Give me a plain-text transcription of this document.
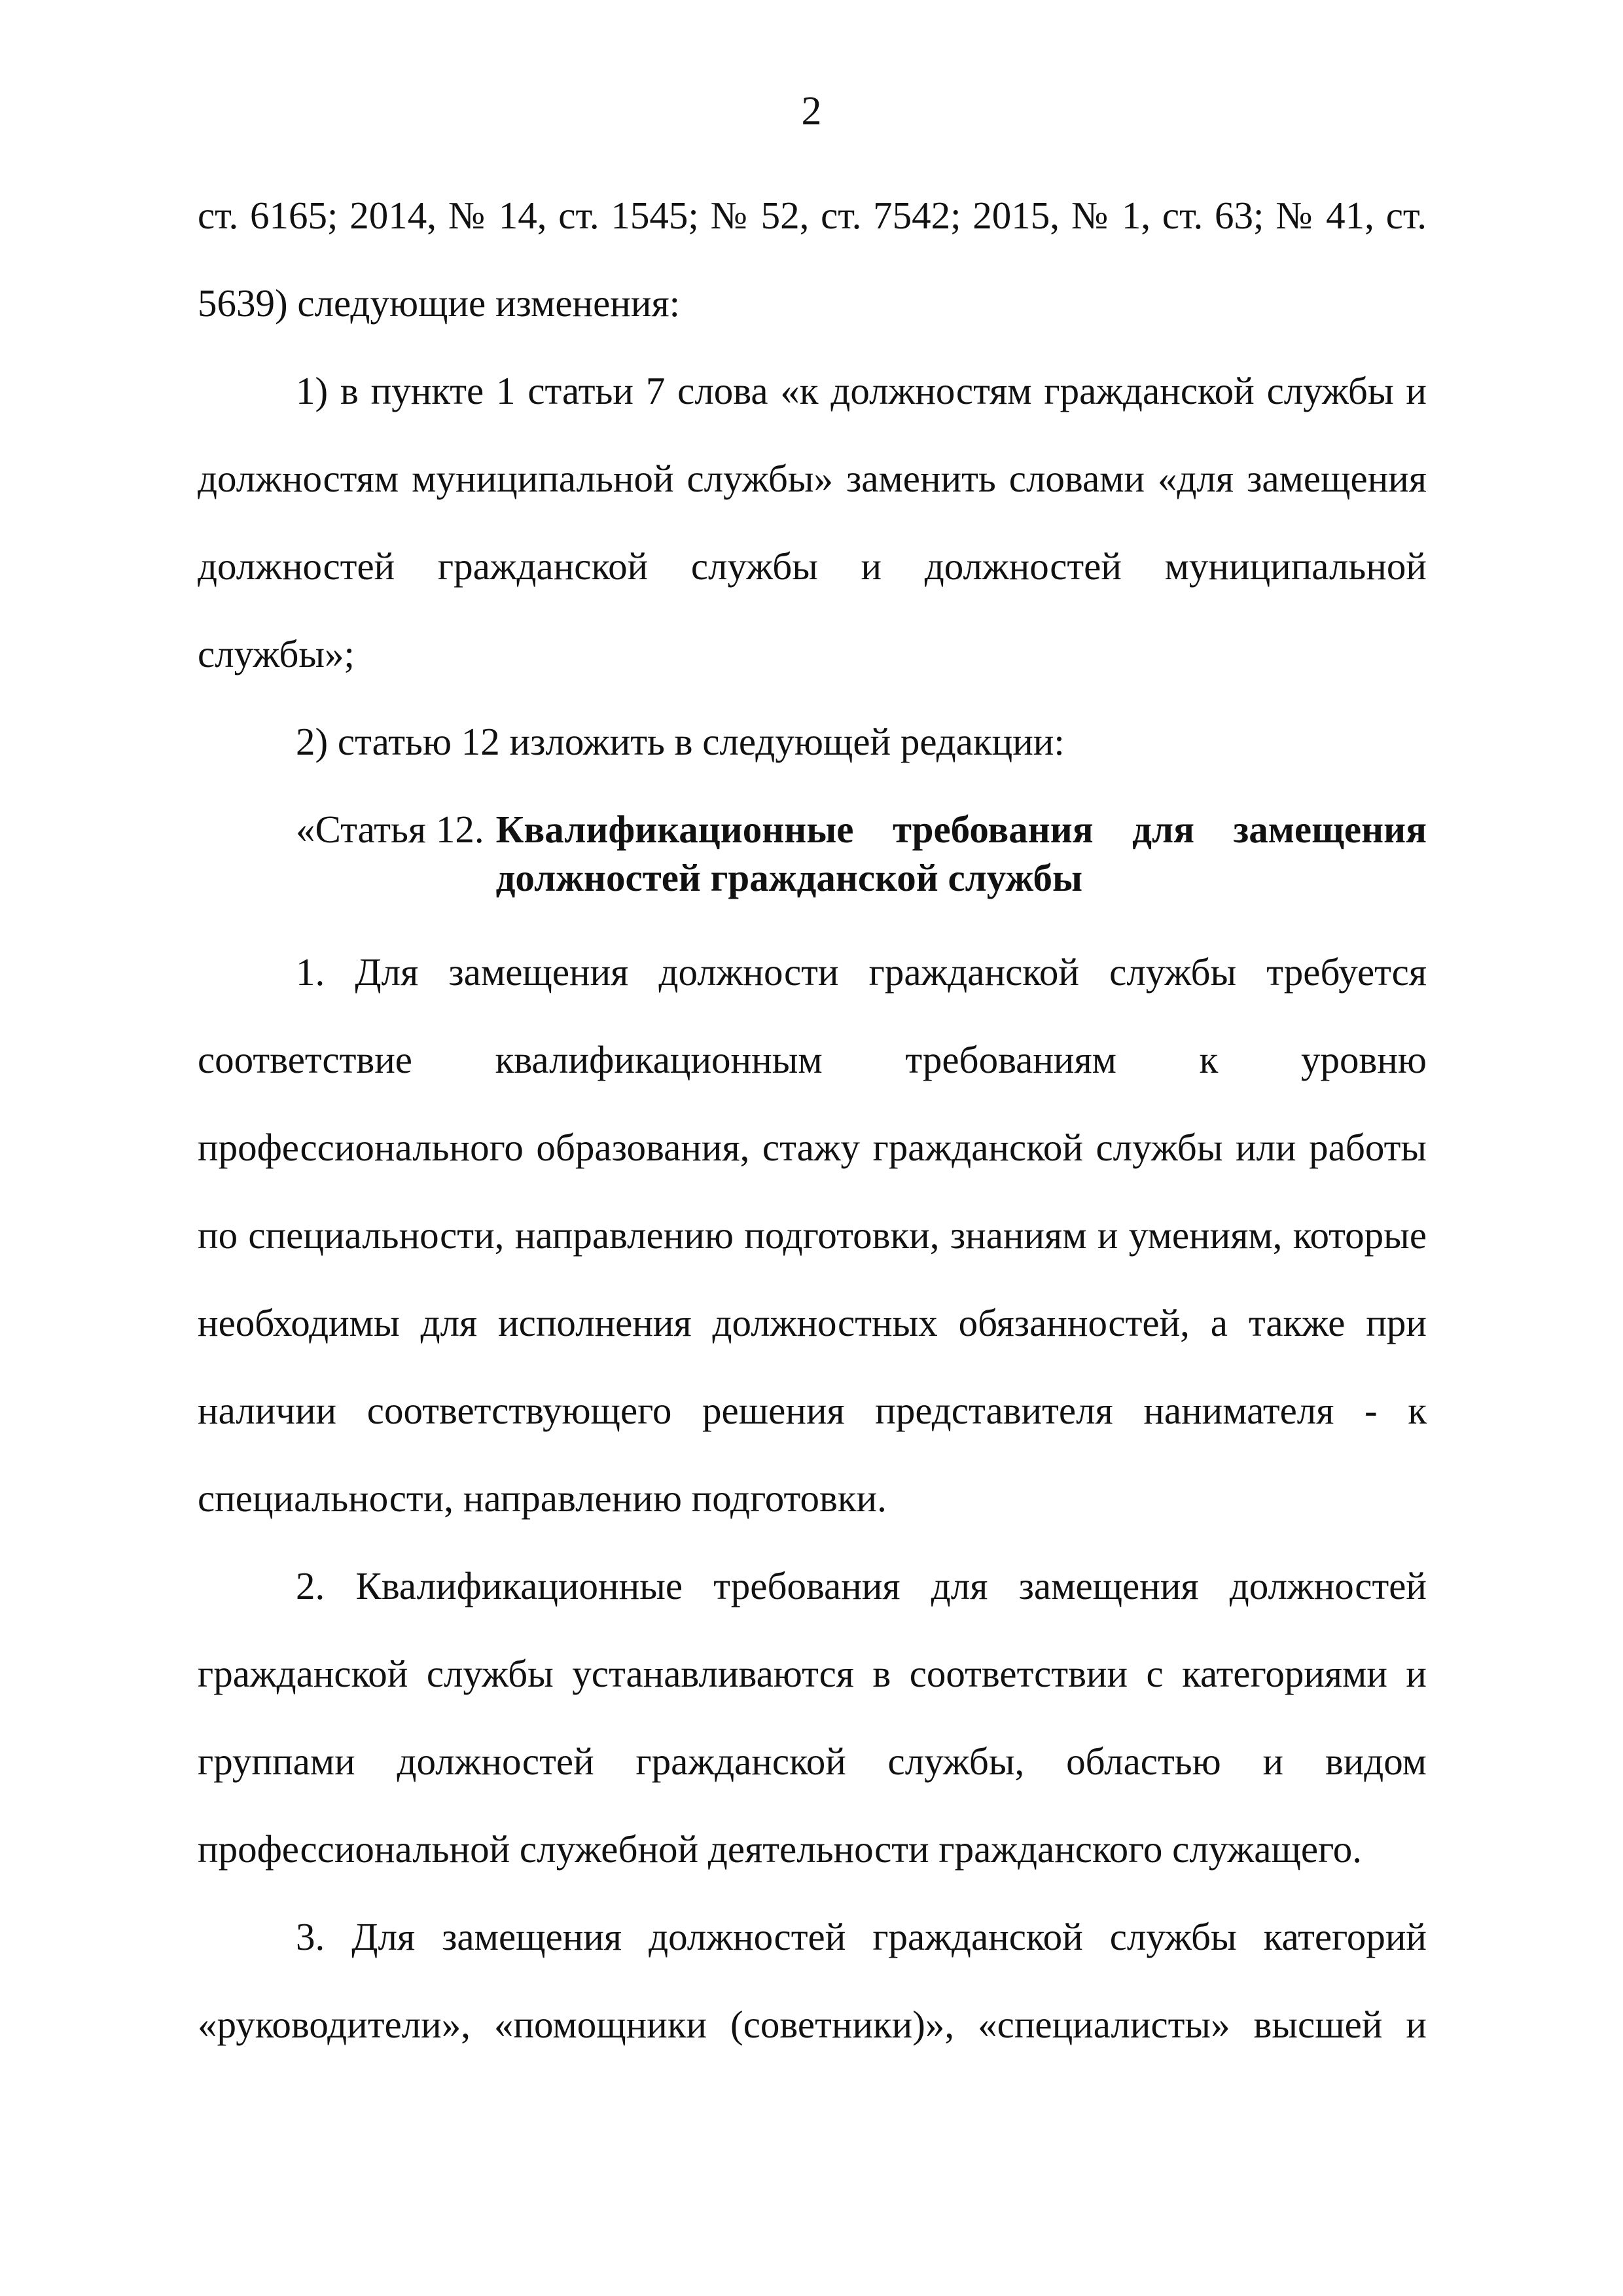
2

ст. 6165; 2014, № 14, ст. 1545; № 52, ст. 7542; 2015, № 1, ст. 63; № 41, ст. 5639) следующие изменения:

1) в пункте 1 статьи 7 слова «к должностям гражданской службы и должностям муниципальной службы» заменить словами «для замещения должностей гражданской службы и должностей муниципальной службы»;

2) статью 12 изложить в следующей редакции:

«Статья 12. Квалификационные требования для замещения должностей гражданской службы

1. Для замещения должности гражданской службы требуется соответствие квалификационным требованиям к уровню профессионального образования, стажу гражданской службы или работы по специальности, направлению подготовки, знаниям и умениям, которые необходимы для исполнения должностных обязанностей, а также при наличии соответствующего решения представителя нанимателя - к специальности, направлению подготовки.

2. Квалификационные требования для замещения должностей гражданской службы устанавливаются в соответствии с категориями и группами должностей гражданской службы, областью и видом профессиональной служебной деятельности гражданского служащего.

3. Для замещения должностей гражданской службы категорий «руководители», «помощники (советники)», «специалисты» высшей и
